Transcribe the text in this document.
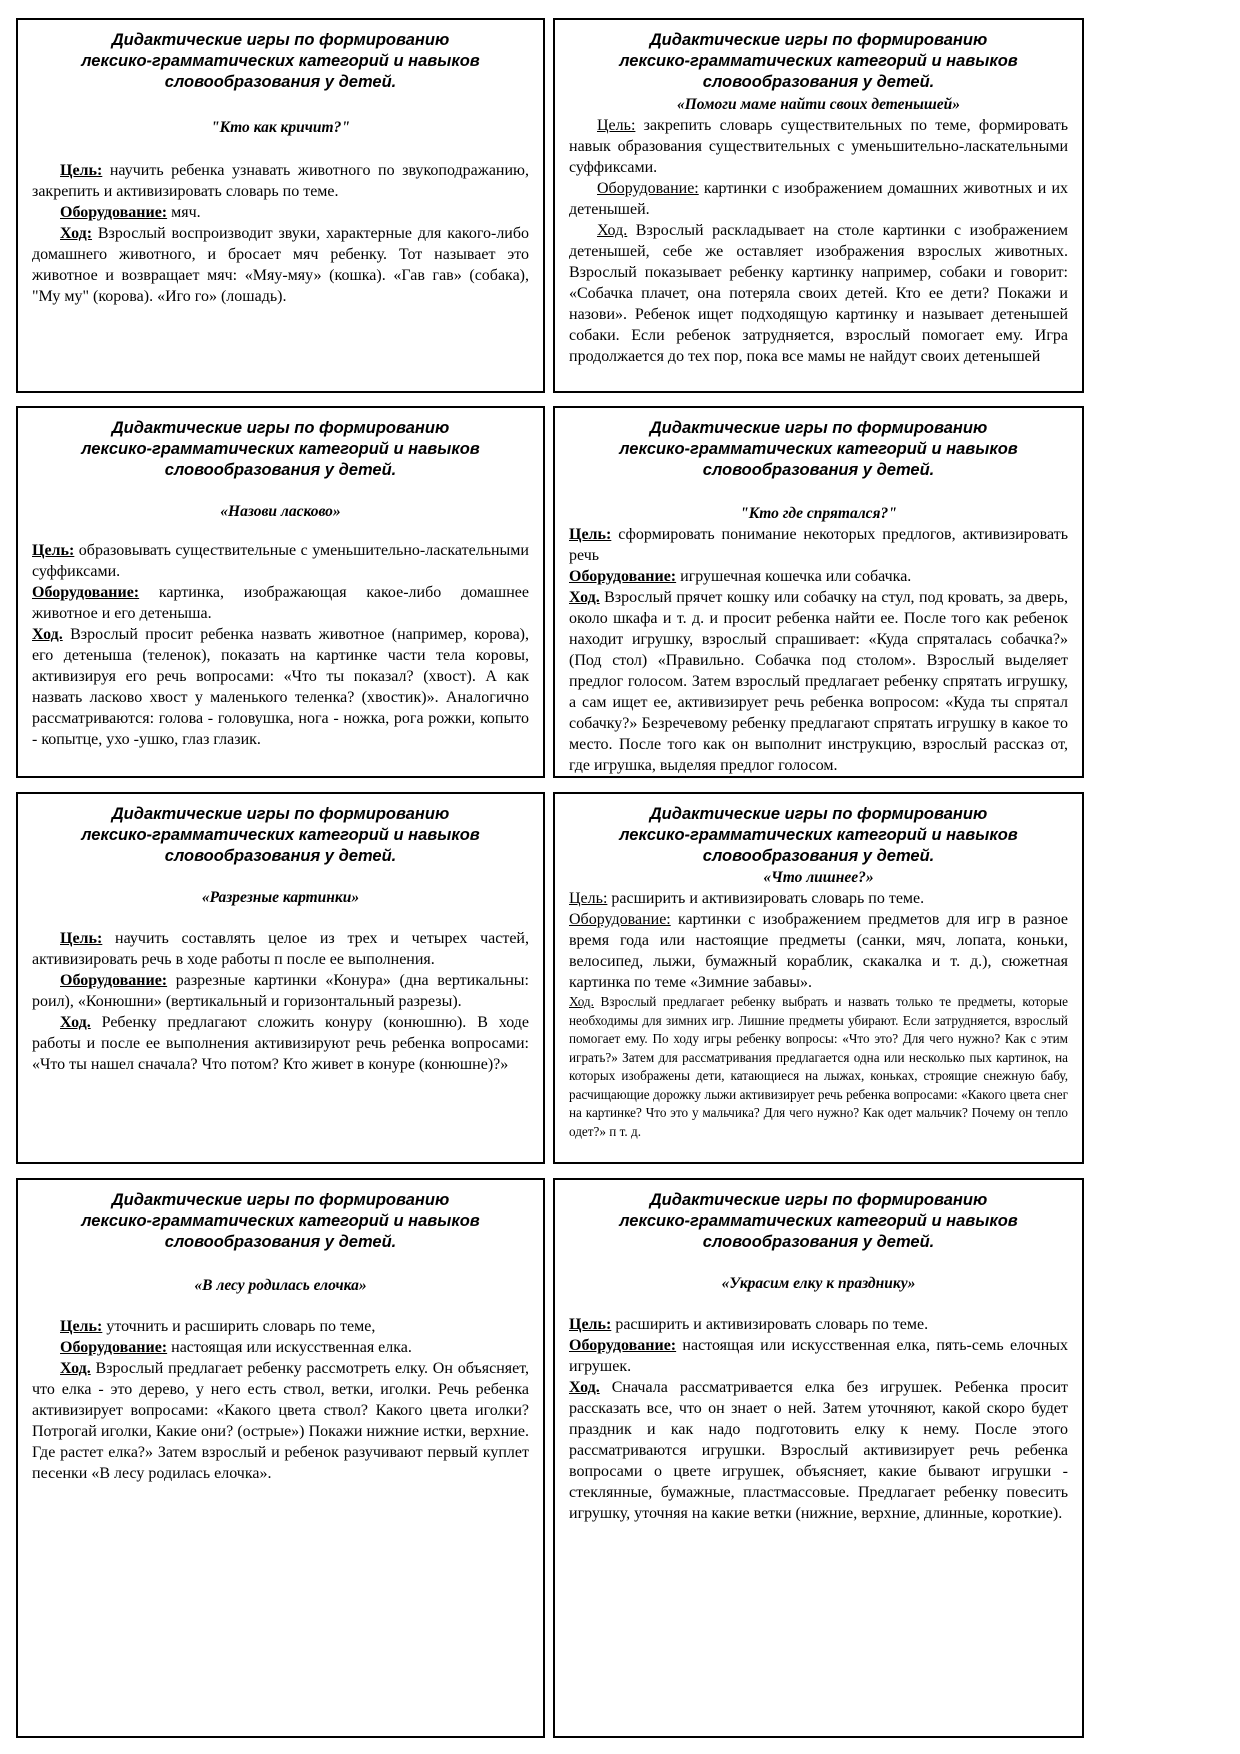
Дидактические игры по формированию
лексико-грамматических категорий и навыков
словообразования у детей.

"Кто как кричит?"

Цель: научить ребенка узнавать животного по звукоподражанию, закрепить и активизировать словарь по теме.

Оборудование: мяч.

Ход: Взрослый воспроизводит звуки, характерные для какого-либо домашнего животного, и бросает мяч ребенку. Тот называет это животное и возвращает мяч: «Мяу-мяу» (кошка). «Гав гав» (собака), "Му му" (корова). «Иго го» (лошадь).

Дидактические игры по формированию
лексико-грамматических категорий и навыков
словообразования у детей.

«Помоги маме найти своих детенышей»

Цель: закрепить словарь существительных по теме, формировать навык образования существительных с уменьшительно-ласкательными суффиксами.

Оборудование: картинки с изображением домашних животных и их детенышей.

Ход. Взрослый раскладывает на столе картинки с изображением детенышей, себе же оставляет изображения взрослых животных. Взрослый показывает ребенку картинку например, собаки и говорит: «Собачка плачет, она потеряла своих детей. Кто ее дети? Покажи и назови». Ребенок ищет подходящую картинку и называет детенышей собаки. Если ребенок затрудняется, взрослый помогает ему. Игра продолжается до тех пор, пока все мамы не найдут своих детенышей

Дидактические игры по формированию
лексико-грамматических категорий и навыков
словообразования у детей.

«Назови ласково»

Цель: образовывать существительные с уменьшительно-ласкательными суффиксами.

Оборудование: картинка, изображающая какое-либо домашнее животное и его детеныша.

Ход. Взрослый просит ребенка назвать животное (например, корова), его детеныша (теленок), показать на картинке части тела коровы, активизируя его речь вопросами: «Что ты показал? (хвост). А как назвать ласково хвост у маленького теленка? (хвостик)». Аналогично рассматриваются: голова - головушка, нога - ножка, рога рожки, копыто - копытце, ухо -ушко, глаз глазик.

Дидактические игры по формированию
лексико-грамматических категорий и навыков
словообразования у детей.

"Кто где спрятался?"

Цель: сформировать понимание некоторых предлогов, активизировать речь

Оборудование: игрушечная кошечка или собачка.

Ход. Взрослый прячет кошку или собачку на стул, под кровать, за дверь, около шкафа и т. д. и просит ребенка найти ее. После того как ребенок находит игрушку, взрослый спрашивает: «Куда спряталась собачка?» (Под стол) «Правильно. Собачка под столом». Взрослый выделяет предлог голосом. Затем взрослый предлагает ребенку спрятать игрушку, а сам ищет ее, активизирует речь ребенка вопросом: «Куда ты спрятал собачку?» Безречевому ребенку предлагают спрятать игрушку в какое то место. После того как он выполнит инструкцию, взрослый рассказ от, где игрушка, выделяя предлог голосом.

Дидактические игры по формированию
лексико-грамматических категорий и навыков
словообразования у детей.

«Разрезные картинки»

Цель: научить составлять целое из трех и четырех частей, активизировать речь в ходе работы п после ее выполнения.

Оборудование: разрезные картинки «Конура» (дна вертикальны: роил), «Конюшни» (вертикальный и горизонтальный разрезы).

Ход. Ребенку предлагают сложить конуру (конюшню). В ходе работы и после ее выполнения активизируют речь ребенка вопросами: «Что ты нашел сначала? Что потом? Кто живет в конуре (конюшне)?»

Дидактические игры по формированию
лексико-грамматических категорий и навыков
словообразования у детей.

«Что лишнее?»

Цель: расширить и активизировать словарь по теме.

Оборудование: картинки с изображением предметов для игр в разное время года или настоящие предметы (санки, мяч, лопата, коньки, велосипед, лыжи, бумажный кораблик, скакалка и т. д.), сюжетная картинка по теме «Зимние забавы».

Ход. Взрослый предлагает ребенку выбрать и назвать только те предметы, которые необходимы для зимних игр. Лишние предметы убирают. Если затрудняется, взрослый помогает ему. По ходу игры ребенку вопросы: «Что это? Для чего нужно? Как с этим играть?» Затем для рассматривания предлагается одна или несколько пых картинок, на которых изображены дети, катающиеся на лыжах, коньках, строящие снежную бабу, расчищающие дорожку лыжи активизирует речь ребенка вопросами: «Какого цвета снег на картинке? Что это у мальчика? Для чего нужно? Как одет мальчик? Почему он тепло одет?» п т. д.

Дидактические игры по формированию
лексико-грамматических категорий и навыков
словообразования у детей.

«В лесу родилась елочка»

Цель: уточнить и расширить словарь по теме,

Оборудование: настоящая или искусственная елка.

Ход. Взрослый предлагает ребенку рассмотреть елку. Он объясняет, что елка - это дерево, у него есть ствол, ветки, иголки. Речь ребенка активизирует вопросами: «Какого цвета ствол? Какого цвета иголки? Потрогай иголки, Какие они? (острые») Покажи нижние истки, верхние. Где растет елка?» Затем взрослый и ребенок разучивают первый куплет песенки «В лесу родилась елочка».

Дидактические игры по формированию
лексико-грамматических категорий и навыков
словообразования у детей.

«Украсим елку к празднику»

Цель: расширить и активизировать словарь по теме.

Оборудование: настоящая или искусственная елка, пять-семь елочных игрушек.

Ход. Сначала рассматривается елка без игрушек. Ребенка просит рассказать все, что он знает о ней. Затем уточняют, какой скоро будет праздник и как надо подготовить елку к нему. После этого рассматриваются игрушки. Взрослый активизирует речь ребенка вопросами о цвете игрушек, объясняет, какие бывают игрушки - стеклянные, бумажные, пластмассовые. Предлагает ребенку повесить игрушку, уточняя на какие ветки (нижние, верхние, длинные, короткие).
